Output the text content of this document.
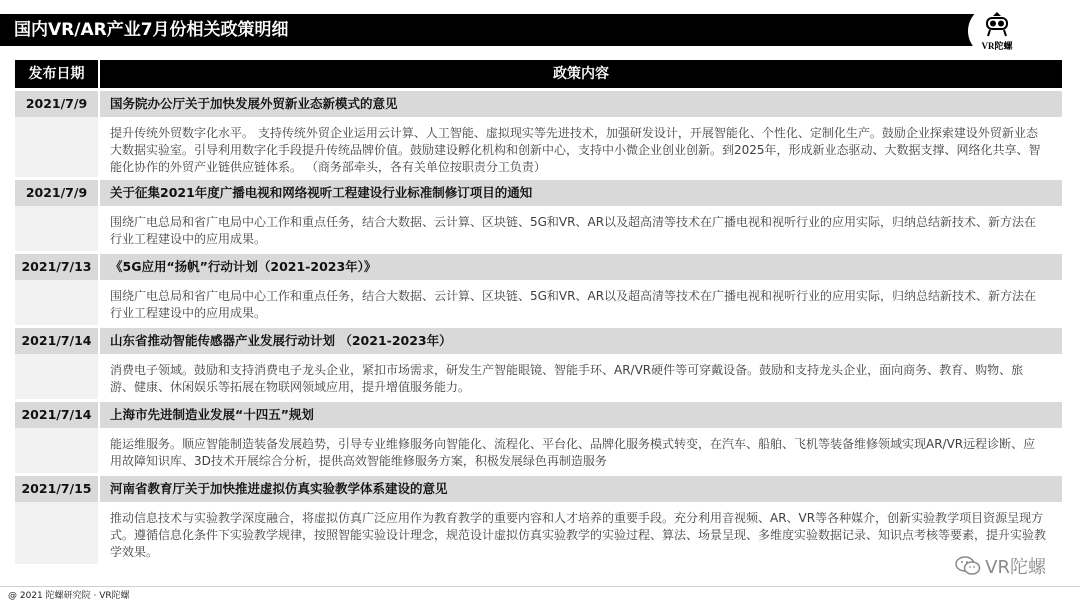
国内VR/AR产业7月份相关政策明细
VR陀螺
发布日期	政策内容
2021/7/9	国务院办公厅关于加快发展外贸新业态新模式的意见
提升传统外贸数字化水平。 支持传统外贸企业运用云计算、人工智能、虚拟现实等先进技术，加强研发设计，开展智能化、个性化、定制化生产。鼓励企业探索建设外贸新业态大数据实验室。引导利用数字化手段提升传统品牌价值。鼓励建设孵化机构和创新中心，支持中小微企业创业创新。到2025年，形成新业态驱动、大数据支撑、网络化共享、智能化协作的外贸产业链供应链体系。 （商务部牵头，各有关单位按职责分工负责）
2021/7/9	关于征集2021年度广播电视和网络视听工程建设行业标准制修订项目的通知
围绕广电总局和省广电局中心工作和重点任务，结合大数据、云计算、区块链、5G和VR、AR以及超高清等技术在广播电视和视听行业的应用实际，归纳总结新技术、新方法在行业工程建设中的应用成果。
2021/7/13	《5G应用“扬帆”行动计划（2021-2023年）》
围绕广电总局和省广电局中心工作和重点任务，结合大数据、云计算、区块链、5G和VR、AR以及超高清等技术在广播电视和视听行业的应用实际，归纳总结新技术、新方法在行业工程建设中的应用成果。
2021/7/14	山东省推动智能传感器产业发展行动计划 （2021-2023年）
消费电子领域。鼓励和支持消费电子龙头企业，紧扣市场需求，研发生产智能眼镜、智能手环、AR/VR硬件等可穿戴设备。鼓励和支持龙头企业，面向商务、教育、购物、旅游、健康、休闲娱乐等拓展在物联网领域应用，提升增值服务能力。
2021/7/14	上海市先进制造业发展“十四五”规划
能运维服务。顺应智能制造装备发展趋势，引导专业维修服务向智能化、流程化、平台化、品牌化服务模式转变，在汽车、船舶、飞机等装备维修领域实现AR/VR远程诊断、应用故障知识库、3D技术开展综合分析，提供高效智能维修服务方案，积极发展绿色再制造服务
2021/7/15	河南省教育厅关于加快推进虚拟仿真实验教学体系建设的意见
推动信息技术与实验教学深度融合，将虚拟仿真广泛应用作为教育教学的重要内容和人才培养的重要手段。充分利用音视频、AR、VR等各种媒介，创新实验教学项目资源呈现方式。遵循信息化条件下实验教学规律，按照智能实验设计理念，规范设计虚拟仿真实验教学的实验过程、算法、场景呈现、多维度实验数据记录、知识点考核等要素，提升实验教学效果。
VR陀螺
@ 2021 陀螺研究院 · VR陀螺
